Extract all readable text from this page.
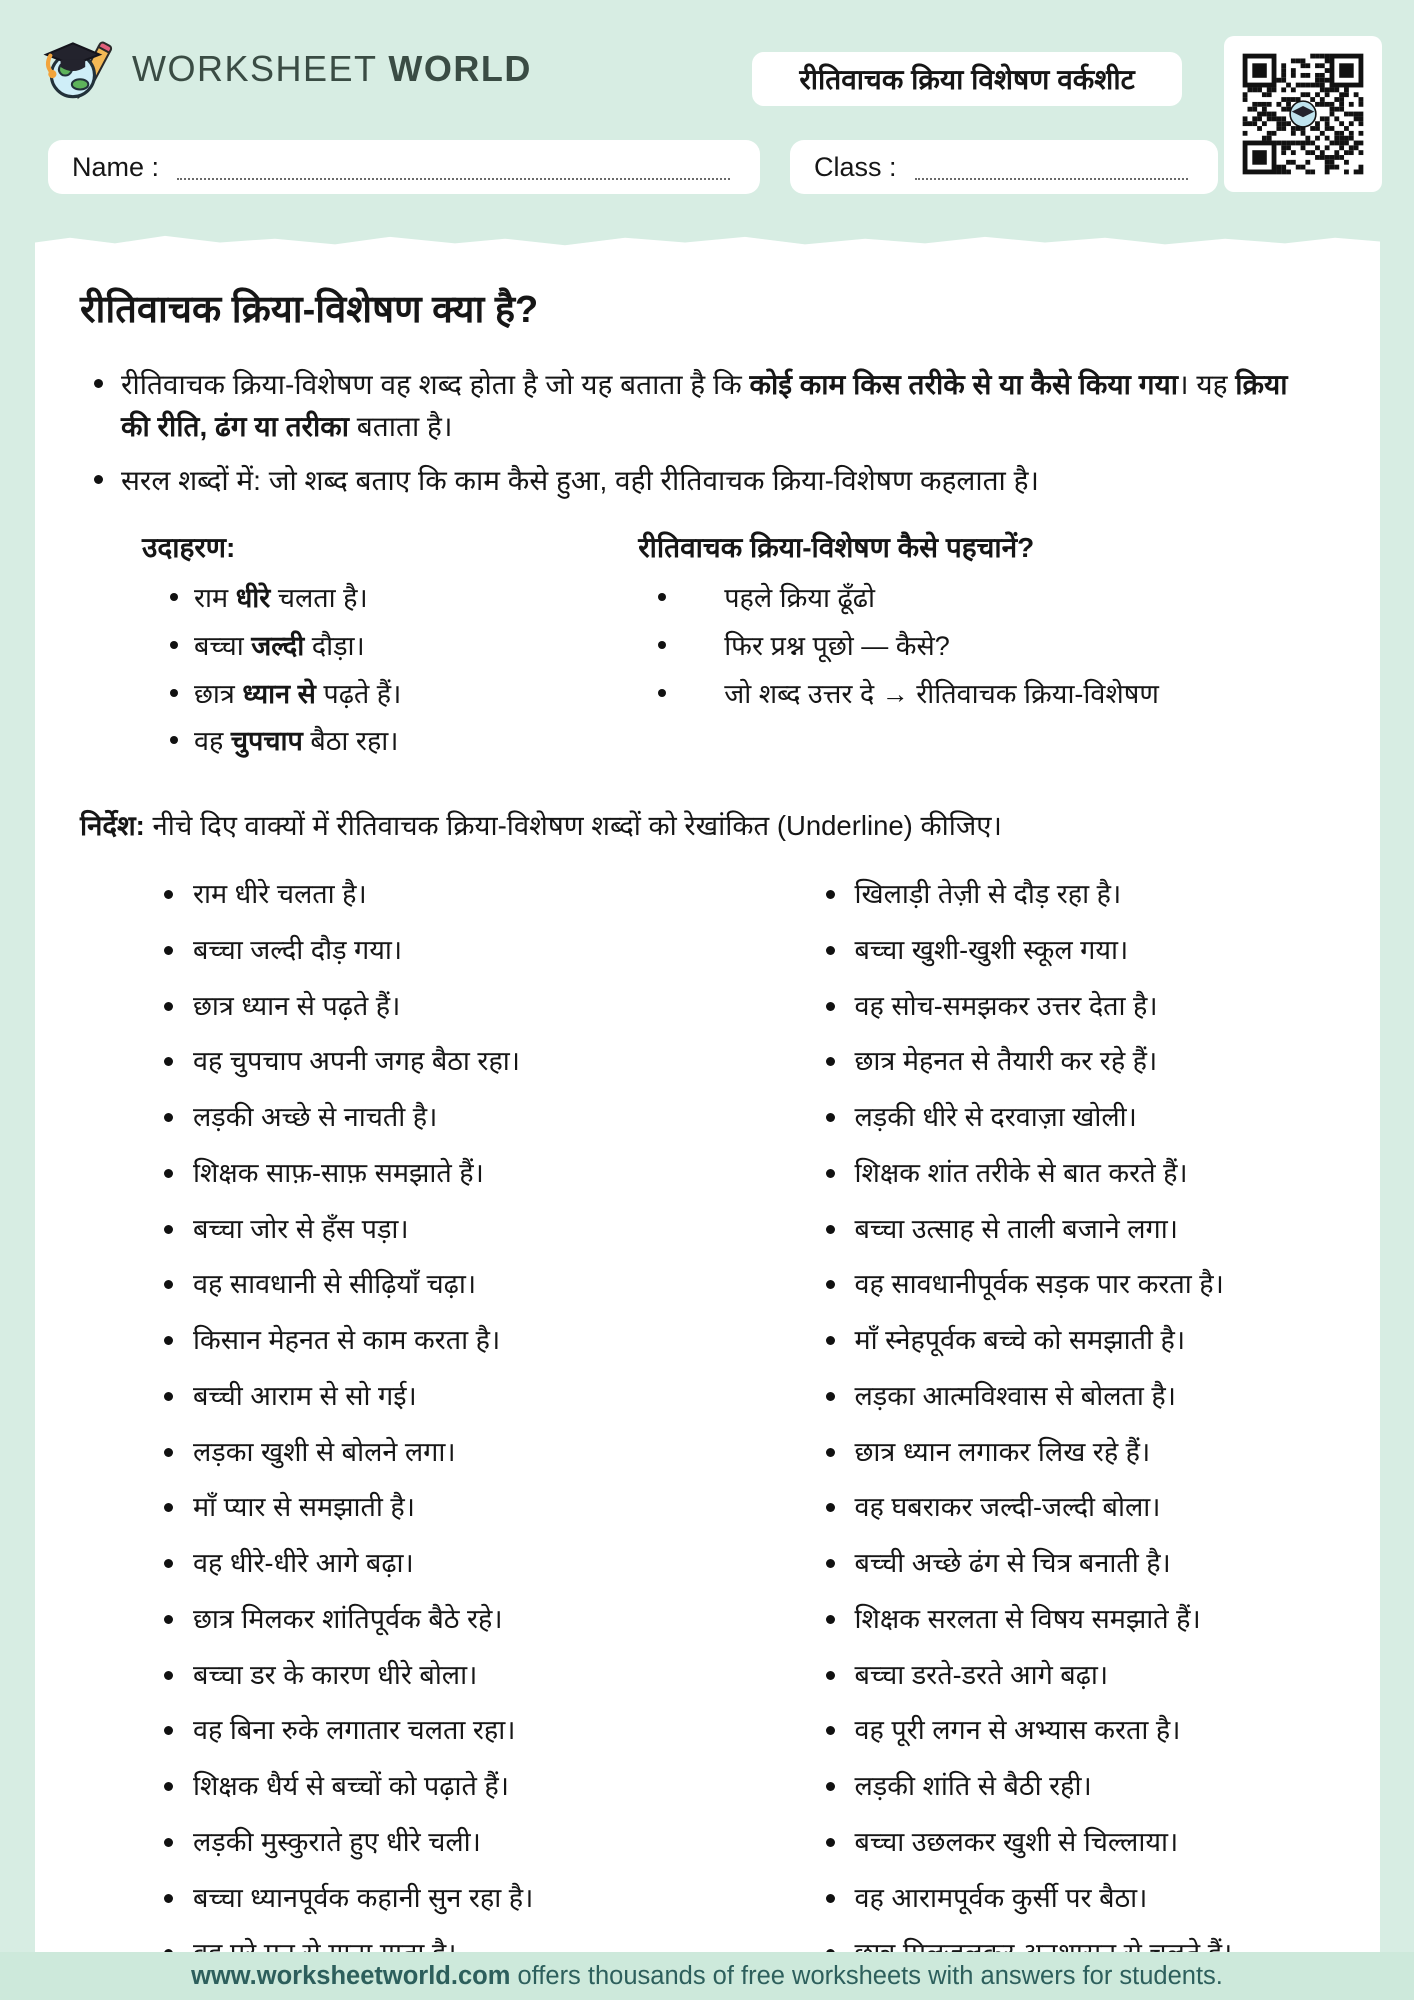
WORKSHEET WORLD	रीतिवाचक क्रिया विशेषण वर्कशीट
Name :	Class :
रीतिवाचक क्रिया-विशेषण क्या है?

रीतिवाचक क्रिया-विशेषण वह शब्द होता है जो यह बताता है कि कोई काम किस तरीके से या कैसे किया गया। यह क्रिया की रीति, ढंग या तरीका बताता है।

सरल शब्दों में: जो शब्द बताए कि काम कैसे हुआ, वही रीतिवाचक क्रिया-विशेषण कहलाता है।

उदाहरण:
राम धीरे चलता है।
बच्चा जल्दी दौड़ा।
छात्र ध्यान से पढ़ते हैं।
वह चुपचाप बैठा रहा।
रीतिवाचक क्रिया-विशेषण कैसे पहचानें?
पहले क्रिया ढूँढो
फिर प्रश्न पूछो — कैसे?
जो शब्द उत्तर दे → रीतिवाचक क्रिया-विशेषण

निर्देश: नीचे दिए वाक्यों में रीतिवाचक क्रिया-विशेषण शब्दों को रेखांकित (Underline) कीजिए।

राम धीरे चलता है।
बच्चा जल्दी दौड़ गया।
छात्र ध्यान से पढ़ते हैं।
वह चुपचाप अपनी जगह बैठा रहा।
लड़की अच्छे से नाचती है।
शिक्षक साफ़-साफ़ समझाते हैं।
बच्चा जोर से हँस पड़ा।
वह सावधानी से सीढ़ियाँ चढ़ा।
किसान मेहनत से काम करता है।
बच्ची आराम से सो गई।
लड़का खुशी से बोलने लगा।
माँ प्यार से समझाती है।
वह धीरे-धीरे आगे बढ़ा।
छात्र मिलकर शांतिपूर्वक बैठे रहे।
बच्चा डर के कारण धीरे बोला।
वह बिना रुके लगातार चलता रहा।
शिक्षक धैर्य से बच्चों को पढ़ाते हैं।
लड़की मुस्कुराते हुए धीरे चली।
बच्चा ध्यानपूर्वक कहानी सुन रहा है।
खिलाड़ी तेज़ी से दौड़ रहा है।
बच्चा खुशी-खुशी स्कूल गया।
वह सोच-समझकर उत्तर देता है।
छात्र मेहनत से तैयारी कर रहे हैं।
लड़की धीरे से दरवाज़ा खोली।
शिक्षक शांत तरीके से बात करते हैं।
बच्चा उत्साह से ताली बजाने लगा।
वह सावधानीपूर्वक सड़क पार करता है।
माँ स्नेहपूर्वक बच्चे को समझाती है।
लड़का आत्मविश्वास से बोलता है।
छात्र ध्यान लगाकर लिख रहे हैं।
वह घबराकर जल्दी-जल्दी बोला।
बच्ची अच्छे ढंग से चित्र बनाती है।
शिक्षक सरलता से विषय समझाते हैं।
बच्चा डरते-डरते आगे बढ़ा।
वह पूरी लगन से अभ्यास करता है।
लड़की शांति से बैठी रही।
बच्चा उछलकर खुशी से चिल्लाया।
वह आरामपूर्वक कुर्सी पर बैठा।

www.worksheetworld.com offers thousands of free worksheets with answers for students.
